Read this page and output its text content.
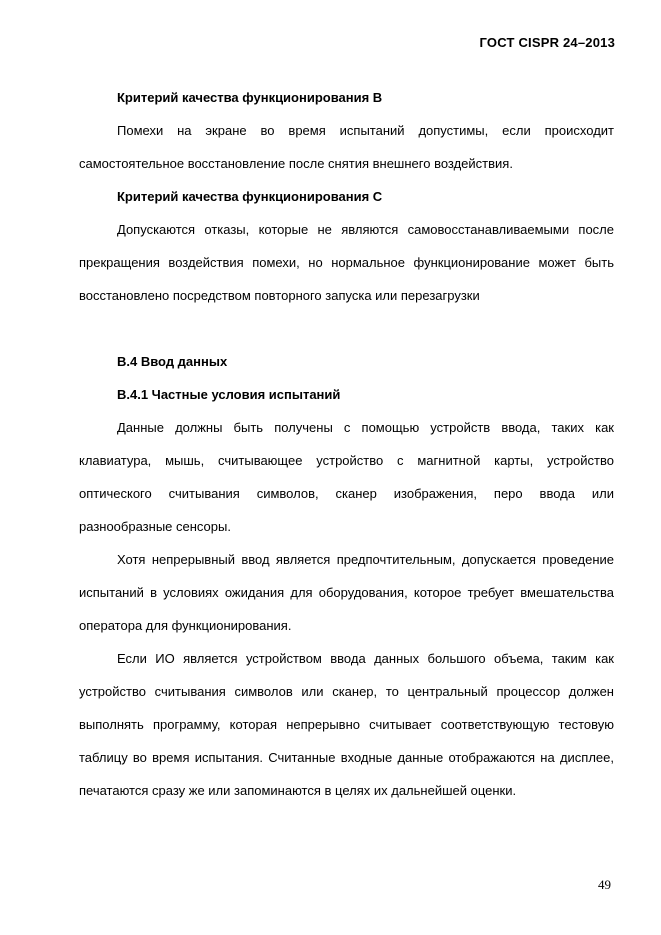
ГОСТ CISPR 24–2013

Критерий качества функционирования В

Помехи на экране во время испытаний допустимы, если происходит самостоятельное восстановление после снятия внешнего воздействия.

Критерий качества функционирования С

Допускаются отказы, которые не являются самовосстанавливаемыми после прекращения воздействия помехи, но нормальное функционирование может быть восстановлено посредством повторного запуска или перезагрузки

В.4 Ввод данных

В.4.1 Частные условия испытаний

Данные должны быть получены с помощью устройств ввода, таких как клавиатура, мышь, считывающее устройство с магнитной карты, устройство оптического считывания символов, сканер изображения, перо ввода или разнообразные сенсоры.

Хотя непрерывный ввод является предпочтительным, допускается проведение испытаний в условиях ожидания для оборудования, которое требует вмешательства оператора для функционирования.

Если ИО является устройством ввода данных большого объема, таким как устройство считывания символов или сканер, то центральный процессор должен выполнять программу, которая непрерывно считывает соответствующую тестовую таблицу во время испытания. Считанные входные данные отображаются на дисплее, печатаются сразу же или запоминаются в целях их дальнейшей оценки.

49
